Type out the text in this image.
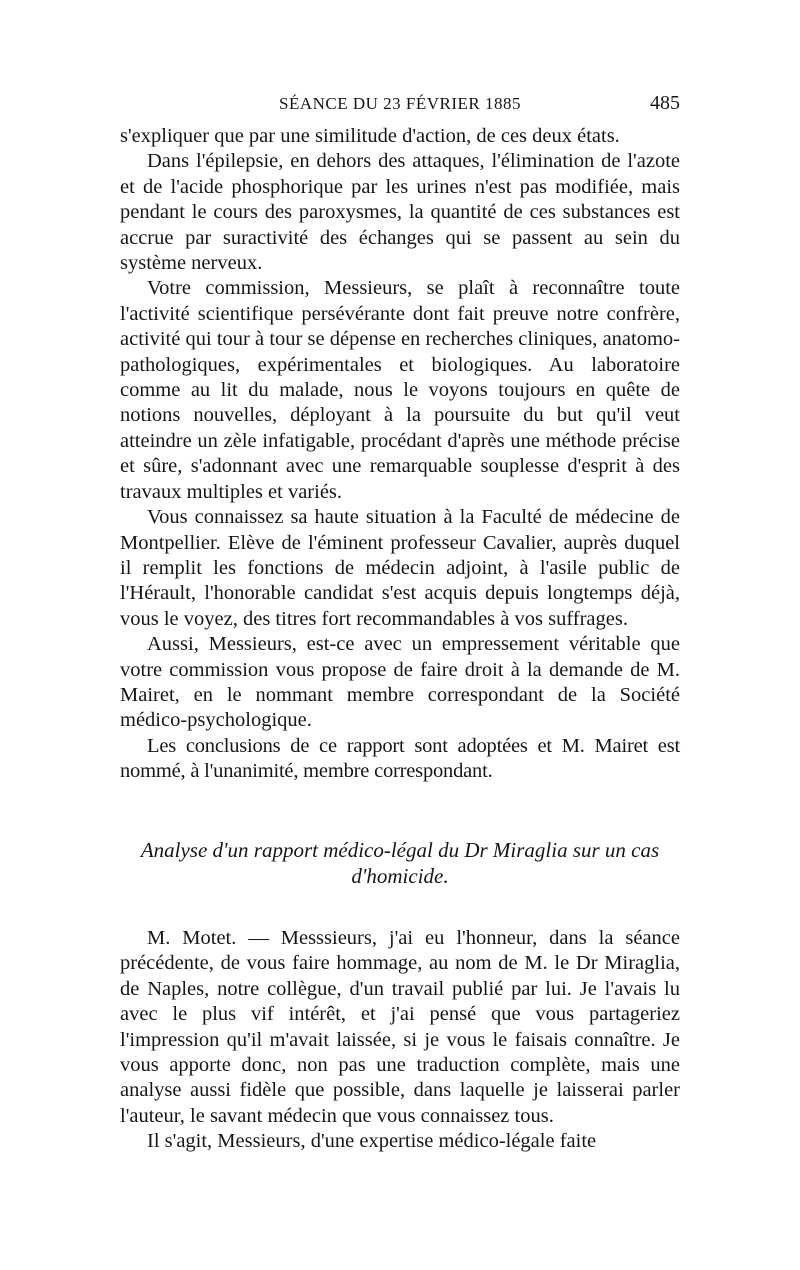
SÉANCE DU 23 FÉVRIER 1885	485

s'expliquer que par une similitude d'action, de ces deux états.

Dans l'épilepsie, en dehors des attaques, l'élimination de l'azote et de l'acide phosphorique par les urines n'est pas modifiée, mais pendant le cours des paroxysmes, la quantité de ces substances est accrue par suractivité des échanges qui se passent au sein du système nerveux.

Votre commission, Messieurs, se plaît à reconnaître toute l'activité scientifique persévérante dont fait preuve notre confrère, activité qui tour à tour se dépense en recherches cliniques, anatomo-pathologiques, expérimentales et biologiques. Au laboratoire comme au lit du malade, nous le voyons toujours en quête de notions nouvelles, déployant à la poursuite du but qu'il veut atteindre un zèle infatigable, procédant d'après une méthode précise et sûre, s'adonnant avec une remarquable souplesse d'esprit à des travaux multiples et variés.

Vous connaissez sa haute situation à la Faculté de médecine de Montpellier. Elève de l'éminent professeur Cavalier, auprès duquel il remplit les fonctions de médecin adjoint, à l'asile public de l'Hérault, l'honorable candidat s'est acquis depuis longtemps déjà, vous le voyez, des titres fort recommandables à vos suffrages.

Aussi, Messieurs, est-ce avec un empressement véritable que votre commission vous propose de faire droit à la demande de M. Mairet, en le nommant membre correspondant de la Société médico-psychologique.

Les conclusions de ce rapport sont adoptées et M. Mairet est nommé, à l'unanimité, membre correspondant.

Analyse d'un rapport médico-légal du Dr Miraglia sur un cas d'homicide.

M. Motet. — Messsieurs, j'ai eu l'honneur, dans la séance précédente, de vous faire hommage, au nom de M. le Dr Miraglia, de Naples, notre collègue, d'un travail publié par lui. Je l'avais lu avec le plus vif intérêt, et j'ai pensé que vous partageriez l'impression qu'il m'avait laissée, si je vous le faisais connaître. Je vous apporte donc, non pas une traduction complète, mais une analyse aussi fidèle que possible, dans laquelle je laisserai parler l'auteur, le savant médecin que vous connaissez tous.

Il s'agit, Messieurs, d'une expertise médico-légale faite
